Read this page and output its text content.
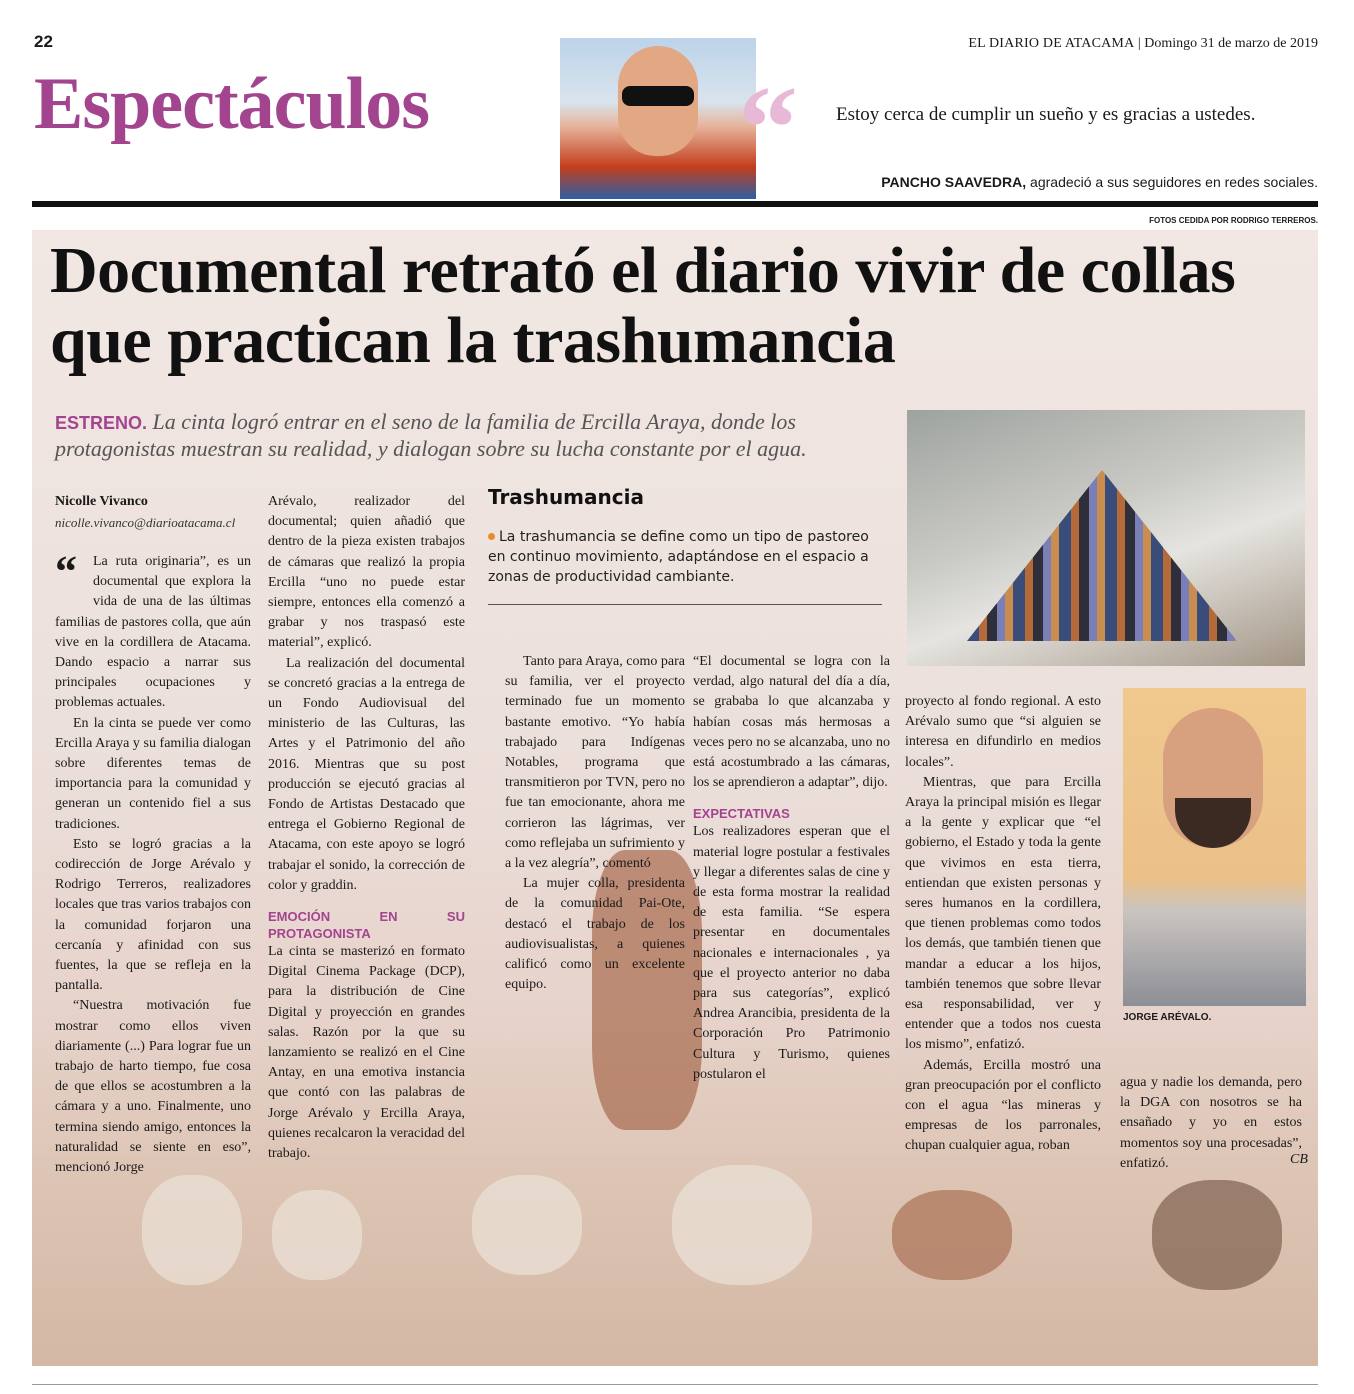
22	EL DIARIO DE ATACAMA | Domingo 31 de marzo de 2019
Espectáculos	“ Estoy cerca de cumplir un sueño y es gracias a ustedes.
PANCHO SAAVEDRA, agradeció a sus seguidores en redes sociales.
FOTOS CEDIDA POR RODRIGO TERREROS.
Documental retrató el diario vivir de collas que practican la trashumancia
ESTRENO. La cinta logró entrar en el seno de la familia de Ercilla Araya, donde los protagonistas muestran su realidad, y dialogan sobre su lucha constante por el agua.
Nicolle Vivanco
nicolle.vivanco@diarioatacama.cl
“	La ruta originaria”, es un documental que explora la vida de una de las últimas familias de pastores colla, que aún vive en la cordillera de Atacama. Dando espacio a narrar sus principales ocupaciones y problemas actuales.

En la cinta se puede ver como Ercilla Araya y su familia dialogan sobre diferentes temas de importancia para la comunidad y generan un contenido fiel a sus tradiciones.

Esto se logró gracias a la codirección de Jorge Arévalo y Rodrigo Terreros, realizadores locales que tras varios trabajos con la comunidad forjaron una cercanía y afinidad con sus fuentes, la que se refleja en la pantalla.

“Nuestra motivación fue mostrar como ellos viven diariamente (...) Para lograr fue un trabajo de harto tiempo, fue cosa de que ellos se acostumbren a la cámara y a uno. Finalmente, uno termina siendo amigo, entonces la naturalidad se siente en eso”, mencionó Jorge

Arévalo, realizador del documental; quien añadió que dentro de la pieza existen trabajos de cámaras que realizó la propia Ercilla “uno no puede estar siempre, entonces ella comenzó a grabar y nos traspasó este material”, explicó.

La realización del documental se concretó gracias a la entrega de un Fondo Audiovisual del ministerio de las Culturas, las Artes y el Patrimonio del año 2016. Mientras que su post producción se ejecutó gracias al Fondo de Artistas Destacado que entrega el Gobierno Regional de Atacama, con este apoyo se logró trabajar el sonido, la corrección de color y graddin.

EMOCIÓN EN SU PROTAGONISTA

La cinta se masterizó en formato Digital Cinema Package (DCP), para la distribución de Cine Digital y proyección en grandes salas. Razón por la que su lanzamiento se realizó en el Cine Antay, en una emotiva instancia que contó con las palabras de Jorge Arévalo y Ercilla Araya, quienes recalcaron la veracidad del trabajo.

Tanto para Araya, como para su familia, ver el proyecto terminado fue un momento bastante emotivo. “Yo había trabajado para Indígenas Notables, programa que transmitieron por TVN, pero no fue tan emocionante, ahora me corrieron las lágrimas, ver como reflejaba un sufrimiento y a la vez alegría”, comentó

La mujer colla, presidenta de la comunidad Pai-Ote, destacó el trabajo de los audiovisualistas, a quienes calificó como un excelente equipo.

“El documental se logra con la verdad, algo natural del día a día, se grababa lo que alcanzaba y habían cosas más hermosas a veces pero no se alcanzaba, uno no está acostumbrado a las cámaras, los se aprendieron a adaptar”, dijo.

EXPECTATIVAS

Los realizadores esperan que el material logre postular a festivales y llegar a diferentes salas de cine y de esta forma mostrar la realidad de esta familia. “Se espera presentar en documentales nacionales e internacionales , ya que el proyecto anterior no daba para sus categorías”, explicó Andrea Arancibia, presidenta de la Corporación Pro Patrimonio Cultura y Turismo, quienes postularon el

proyecto al fondo regional. A esto Arévalo sumo que “si alguien se interesa en difundirlo en medios locales”.

Mientras, que para Ercilla Araya la principal misión es llegar a la gente y explicar que “el gobierno, el Estado y toda la gente que vivimos en esta tierra, entiendan que existen personas y seres humanos en la cordillera, que tienen problemas como todos los demás, que también tienen que mandar a educar a los hijos, también tenemos que sobre llevar esa responsabilidad, ver y entender que a todos nos cuesta los mismo”, enfatizó.

Además, Ercilla mostró una gran preocupación por el conflicto con el agua “las mineras y empresas de los parronales, chupan cualquier agua, roban

agua y nadie los demanda, pero la DGA con nosotros se ha ensañado y yo en estos momentos soy una procesadas”, enfatizó.

Trashumancia

La trashumancia se define como un tipo de pastoreo en continuo movimiento, adaptándose en el espacio a zonas de productividad cambiante.

JORGE ARÉVALO.
CB
